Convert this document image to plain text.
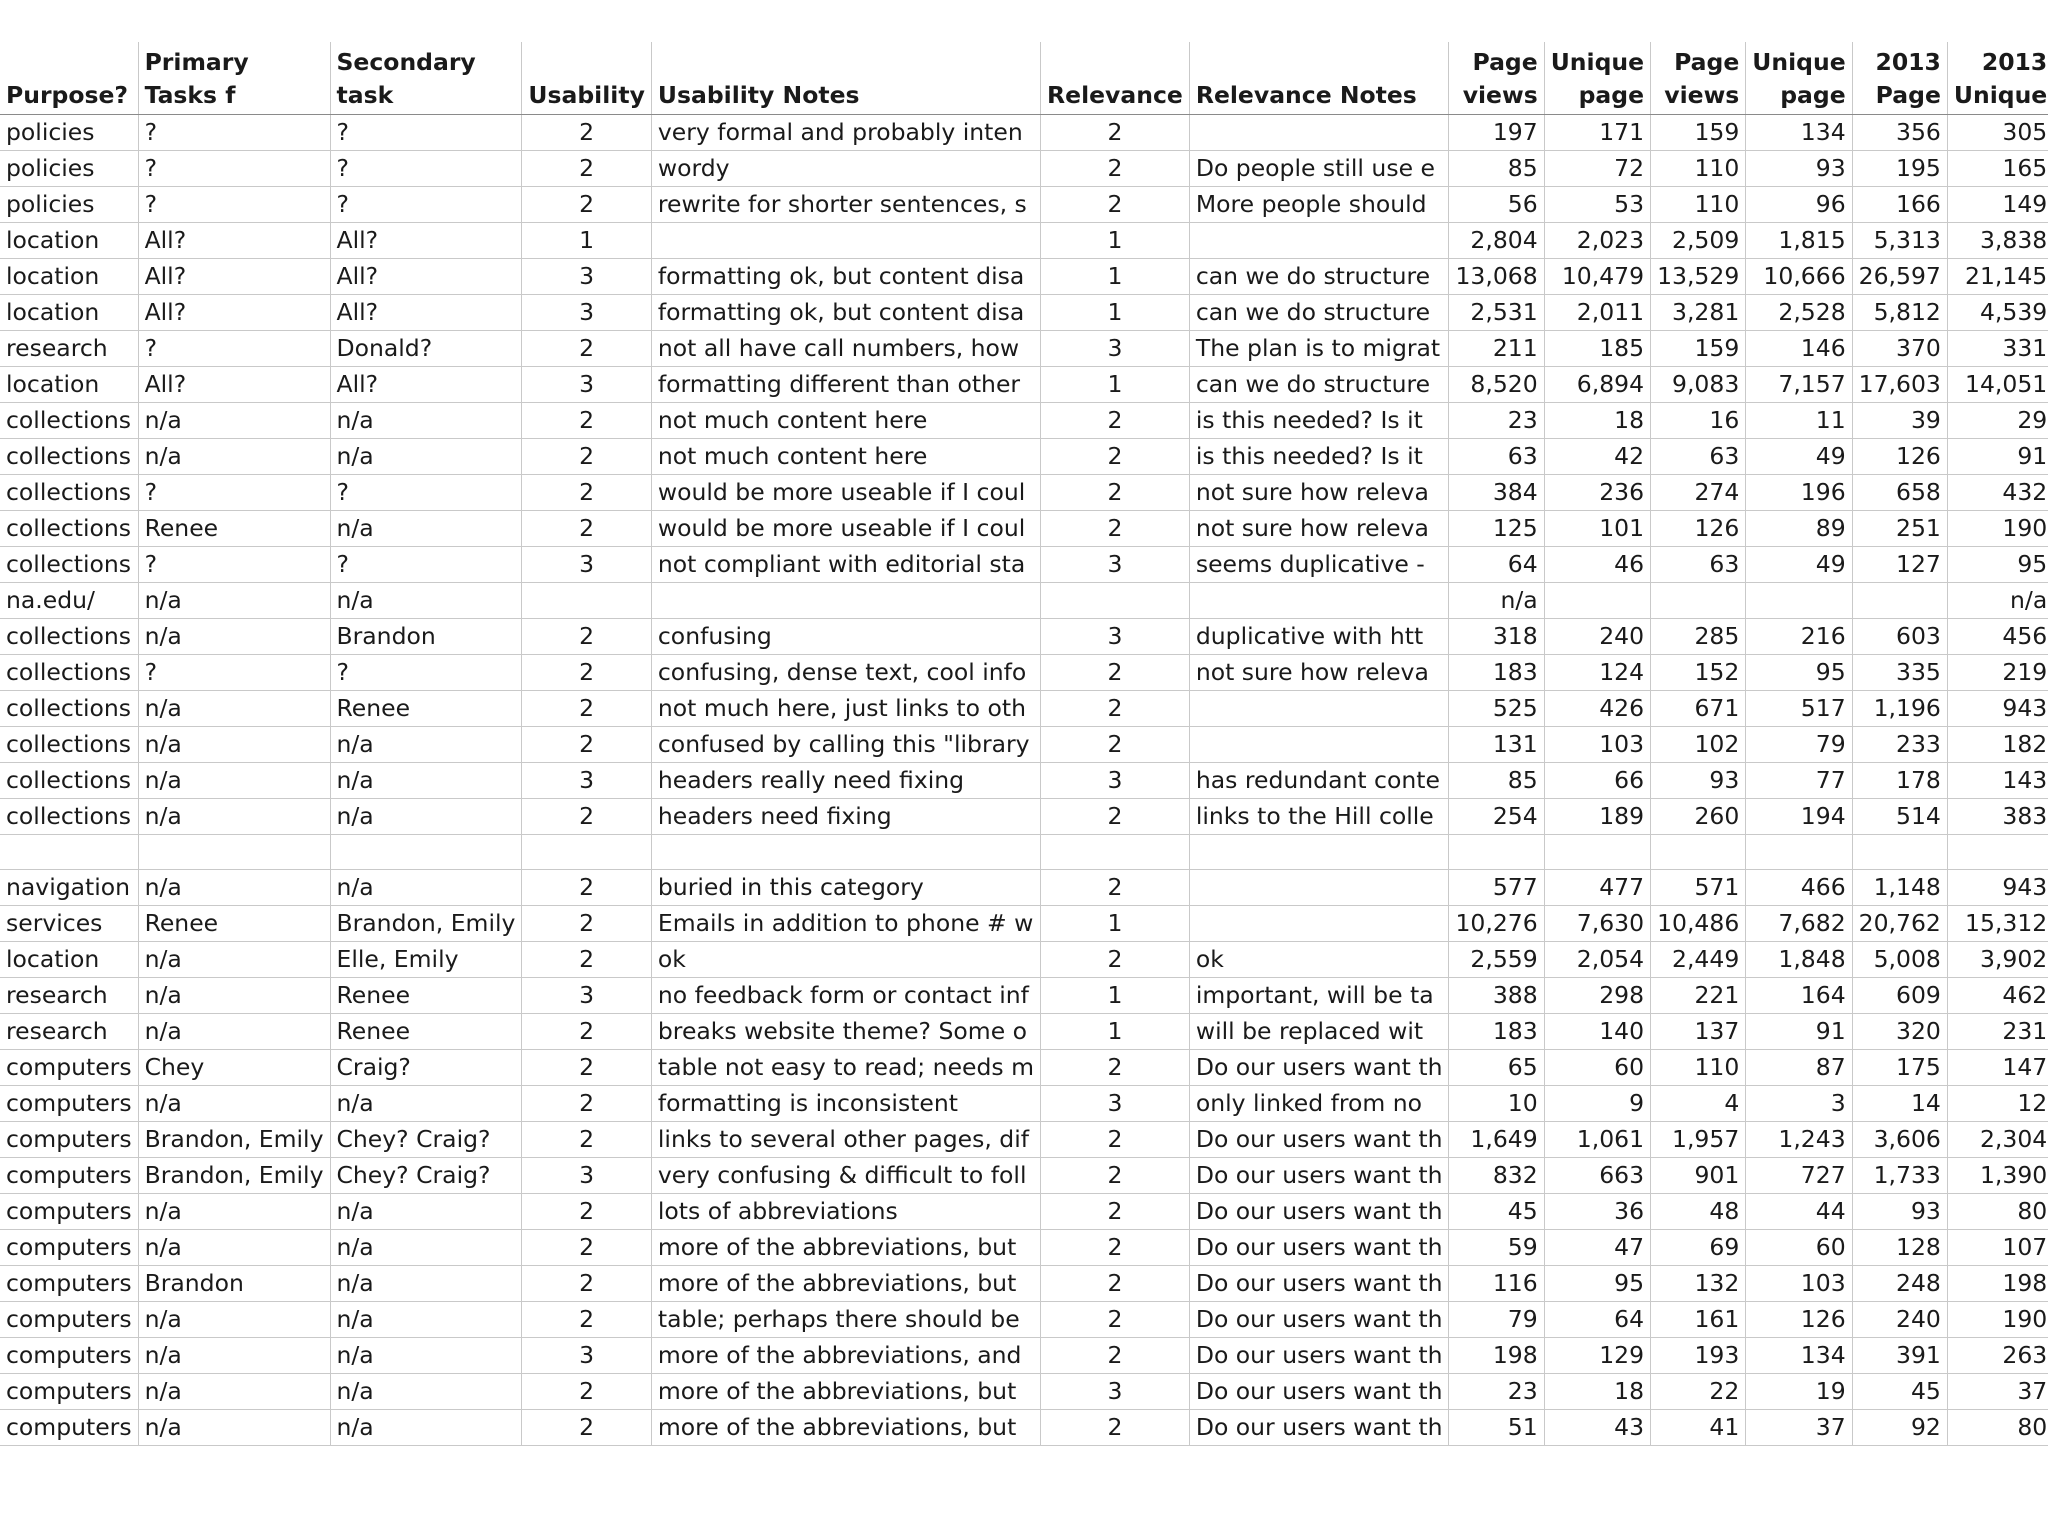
Purpose?	Primary Tasks f	Secondary task	Usability	Usability Notes	Relevance	Relevance Notes	Page views	Unique page	Page views	Unique page	2013 Page	2013 Unique
policies	?	?	2	very formal and probably inten	2		197	171	159	134	356	305
policies	?	?	2	wordy	2	Do people still use e	85	72	110	93	195	165
policies	?	?	2	rewrite for shorter sentences, s	2	More people should	56	53	110	96	166	149
location	All?	All?	1		1		2,804	2,023	2,509	1,815	5,313	3,838
location	All?	All?	3	formatting ok, but content disa	1	can we do structure	13,068	10,479	13,529	10,666	26,597	21,145
location	All?	All?	3	formatting ok, but content disa	1	can we do structure	2,531	2,011	3,281	2,528	5,812	4,539
research	?	Donald?	2	not all have call numbers, how	3	The plan is to migrat	211	185	159	146	370	331
location	All?	All?	3	formatting different than other	1	can we do structure	8,520	6,894	9,083	7,157	17,603	14,051
collections	n/a	n/a	2	not much content here	2	is this needed? Is it	23	18	16	11	39	29
collections	n/a	n/a	2	not much content here	2	is this needed? Is it	63	42	63	49	126	91
collections	?	?	2	would be more useable if I coul	2	not sure how releva	384	236	274	196	658	432
collections	Renee	n/a	2	would be more useable if I coul	2	not sure how releva	125	101	126	89	251	190
collections	?	?	3	not compliant with editorial sta	3	seems duplicative -	64	46	63	49	127	95
na.edu/	n/a	n/a					n/a					n/a
collections	n/a	Brandon	2	confusing	3	duplicative with htt	318	240	285	216	603	456
collections	?	?	2	confusing, dense text, cool info	2	not sure how releva	183	124	152	95	335	219
collections	n/a	Renee	2	not much here, just links to oth	2		525	426	671	517	1,196	943
collections	n/a	n/a	2	confused by calling this "library	2		131	103	102	79	233	182
collections	n/a	n/a	3	headers really need fixing	3	has redundant conte	85	66	93	77	178	143
collections	n/a	n/a	2	headers need fixing	2	links to the Hill colle	254	189	260	194	514	383

navigation	n/a	n/a	2	buried in this category	2		577	477	571	466	1,148	943
services	Renee	Brandon, Emily	2	Emails in addition to phone # w	1		10,276	7,630	10,486	7,682	20,762	15,312
location	n/a	Elle, Emily	2	ok	2	ok	2,559	2,054	2,449	1,848	5,008	3,902
research	n/a	Renee	3	no feedback form or contact inf	1	important, will be ta	388	298	221	164	609	462
research	n/a	Renee	2	breaks website theme? Some o	1	will be replaced wit	183	140	137	91	320	231
computers	Chey	Craig?	2	table not easy to read; needs m	2	Do our users want th	65	60	110	87	175	147
computers	n/a	n/a	2	formatting is inconsistent	3	only linked from no	10	9	4	3	14	12
computers	Brandon, Emily	Chey? Craig?	2	links to several other pages, dif	2	Do our users want th	1,649	1,061	1,957	1,243	3,606	2,304
computers	Brandon, Emily	Chey? Craig?	3	very confusing & difficult to foll	2	Do our users want th	832	663	901	727	1,733	1,390
computers	n/a	n/a	2	lots of abbreviations	2	Do our users want th	45	36	48	44	93	80
computers	n/a	n/a	2	more of the abbreviations, but	2	Do our users want th	59	47	69	60	128	107
computers	Brandon	n/a	2	more of the abbreviations, but	2	Do our users want th	116	95	132	103	248	198
computers	n/a	n/a	2	table; perhaps there should be	2	Do our users want th	79	64	161	126	240	190
computers	n/a	n/a	3	more of the abbreviations, and	2	Do our users want th	198	129	193	134	391	263
computers	n/a	n/a	2	more of the abbreviations, but	3	Do our users want th	23	18	22	19	45	37
computers	n/a	n/a	2	more of the abbreviations, but	2	Do our users want th	51	43	41	37	92	80
